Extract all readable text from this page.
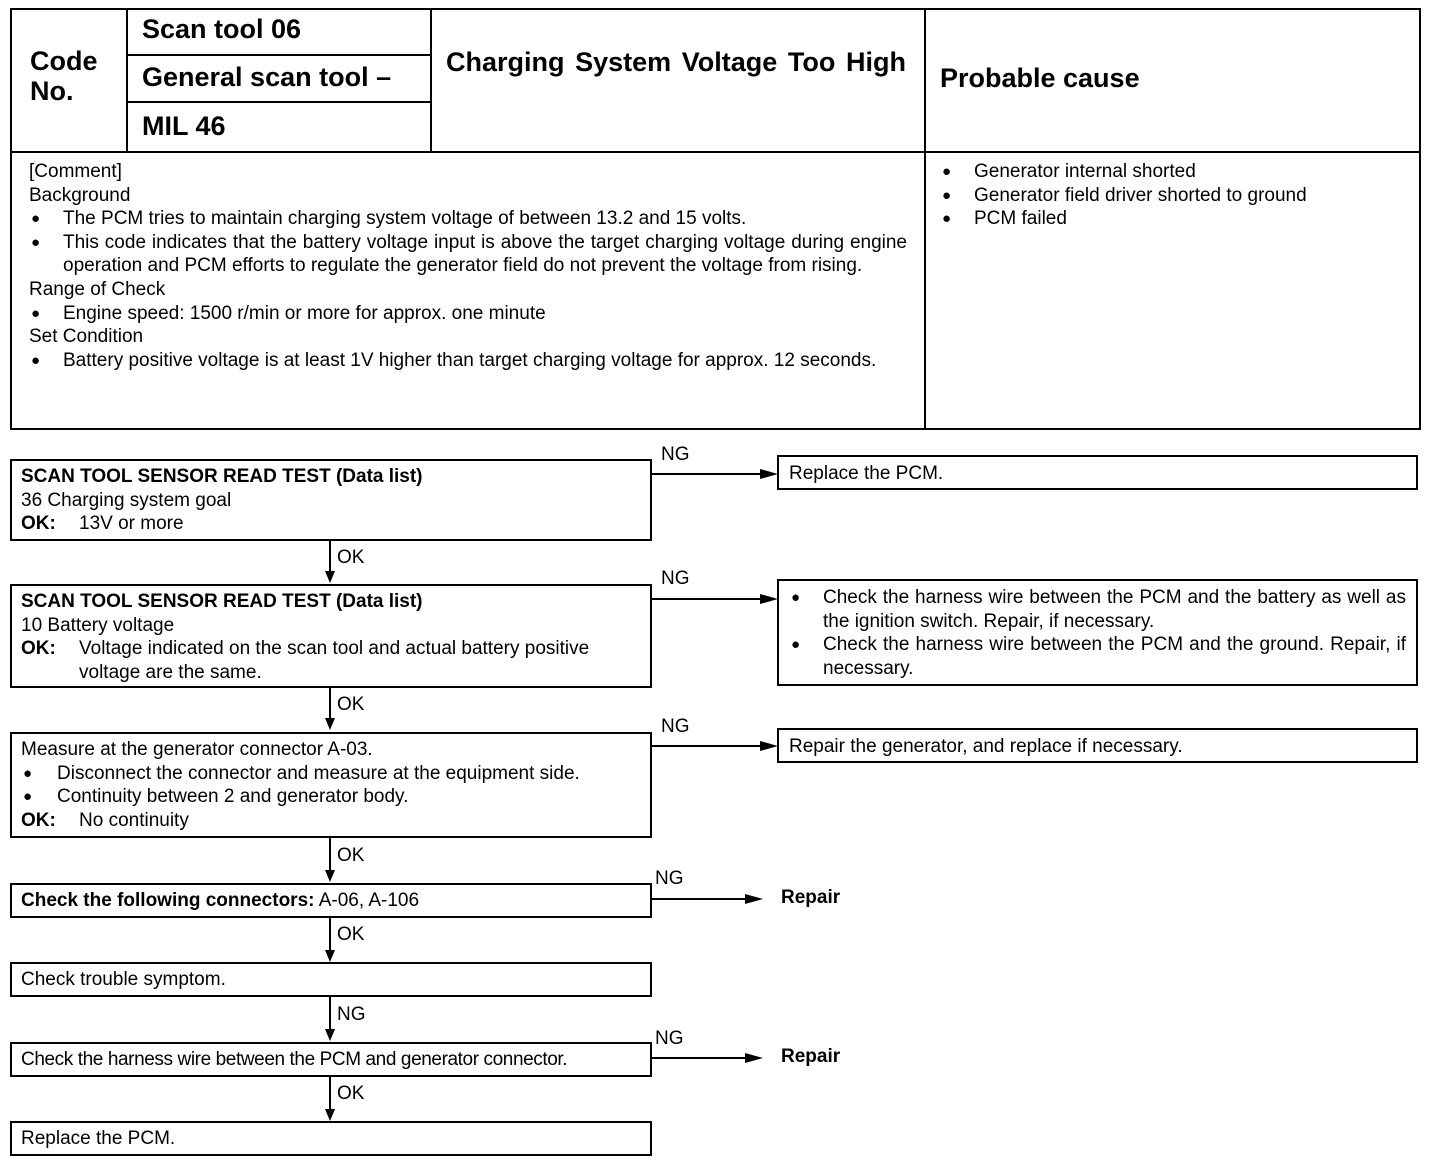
Code No.
Scan tool 06
General scan tool –
MIL 46
Charging System Voltage Too High
Probable cause
[Comment]
Background
● The PCM tries to maintain charging system voltage of between 13.2 and 15 volts.
● This code indicates that the battery voltage input is above the target charging voltage during engine operation and PCM efforts to regulate the generator field do not prevent the voltage from rising.
Range of Check
● Engine speed: 1500 r/min or more for approx. one minute
Set Condition
● Battery positive voltage is at least 1V higher than target charging voltage for approx. 12 seconds.
● Generator internal shorted
● Generator field driver shorted to ground
● PCM failed
SCAN TOOL SENSOR READ TEST (Data list)
36 Charging system goal
OK: 13V or more
NG
Replace the PCM.
OK
SCAN TOOL SENSOR READ TEST (Data list)
10 Battery voltage
OK: Voltage indicated on the scan tool and actual battery positive voltage are the same.
NG
● Check the harness wire between the PCM and the battery as well as the ignition switch. Repair, if necessary.
● Check the harness wire between the PCM and the ground. Repair, if necessary.
OK
Measure at the generator connector A-03.
● Disconnect the connector and measure at the equipment side.
● Continuity between 2 and generator body.
OK: No continuity
NG
Repair the generator, and replace if necessary.
OK
Check the following connectors: A-06, A-106
NG
Repair
OK
Check trouble symptom.
NG
Check the harness wire between the PCM and generator connector.
NG
Repair
OK
Replace the PCM.
